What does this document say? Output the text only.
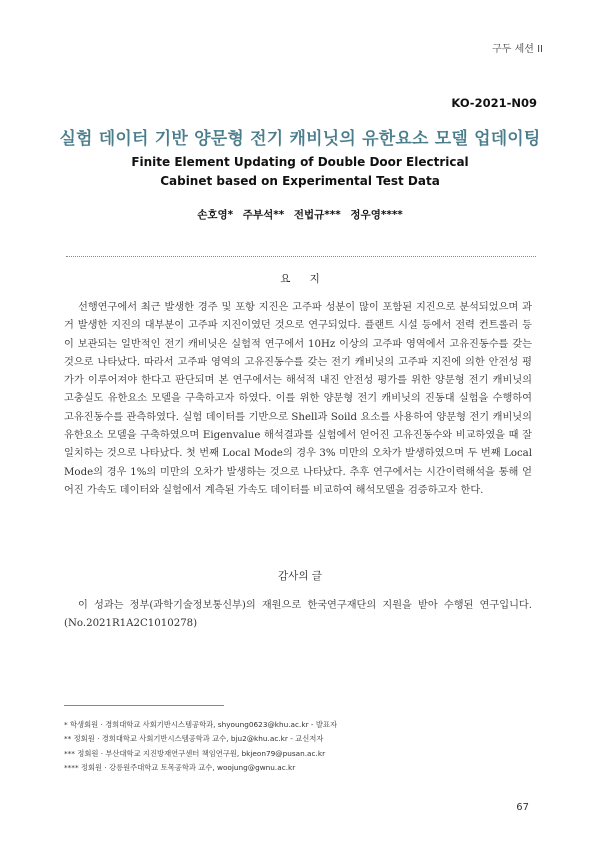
구두 세션 II
KO-2021-N09
실험 데이터 기반 양문형 전기 캐비닛의 유한요소 모델 업데이팅
Finite Element Updating of Double Door Electrical
Cabinet based on Experimental Test Data
손호영* 주부석** 전법규*** 정우영****
요 지

선행연구에서 최근 발생한 경주 및 포항 지진은 고주파 성분이 많이 포함된 지진으로 분석되었으며 과거 발생한 지진의 대부분이 고주파 지진이였던 것으로 연구되었다. 플랜트 시설 등에서 전력 컨트롤러 등이 보관되는 일반적인 전기 캐비닛은 실험적 연구에서 10Hz 이상의 고주파 영역에서 고유진동수를 갖는 것으로 나타났다. 따라서 고주파 영역의 고유진동수를 갖는 전기 캐비닛의 고주파 지진에 의한 안전성 평가가 이루어져야 한다고 판단되며 본 연구에서는 해석적 내진 안전성 평가를 위한 양문형 전기 캐비닛의 고충실도 유한요소 모델을 구축하고자 하였다. 이를 위한 양문형 전기 캐비닛의 진동대 실험을 수행하여 고유진동수를 관측하였다. 실험 데이터를 기반으로 Shell과 Soild 요소를 사용하여 양문형 전기 캐비닛의 유한요소 모델을 구축하였으며 Eigenvalue 해석결과를 실험에서 얻어진 고유진동수와 비교하였을 때 잘 일치하는 것으로 나타났다. 첫 번째 Local Mode의 경우 3% 미만의 오차가 발생하였으며 두 번째 Local Mode의 경우 1%의 미만의 오차가 발생하는 것으로 나타났다. 추후 연구에서는 시간이력해석을 통해 얻어진 가속도 데이터와 실험에서 계측된 가속도 데이터를 비교하여 해석모델을 검증하고자 한다.

감사의 글

이 성과는 정부(과학기술정보통신부)의 재원으로 한국연구재단의 지원을 받아 수행된 연구입니다.(No.2021R1A2C1010278)

* 학생회원 · 경희대학교 사회기반시스템공학과, shyoung0623@khu.ac.kr - 발표자
** 정회원 · 경희대학교 사회기반시스템공학과 교수, bju2@khu.ac.kr - 교신저자
*** 정회원 · 부산대학교 지진방재연구센터 책임연구원, bkjeon79@pusan.ac.kr
**** 정회원 · 강릉원주대학교 토목공학과 교수, woojung@gwnu.ac.kr
67
